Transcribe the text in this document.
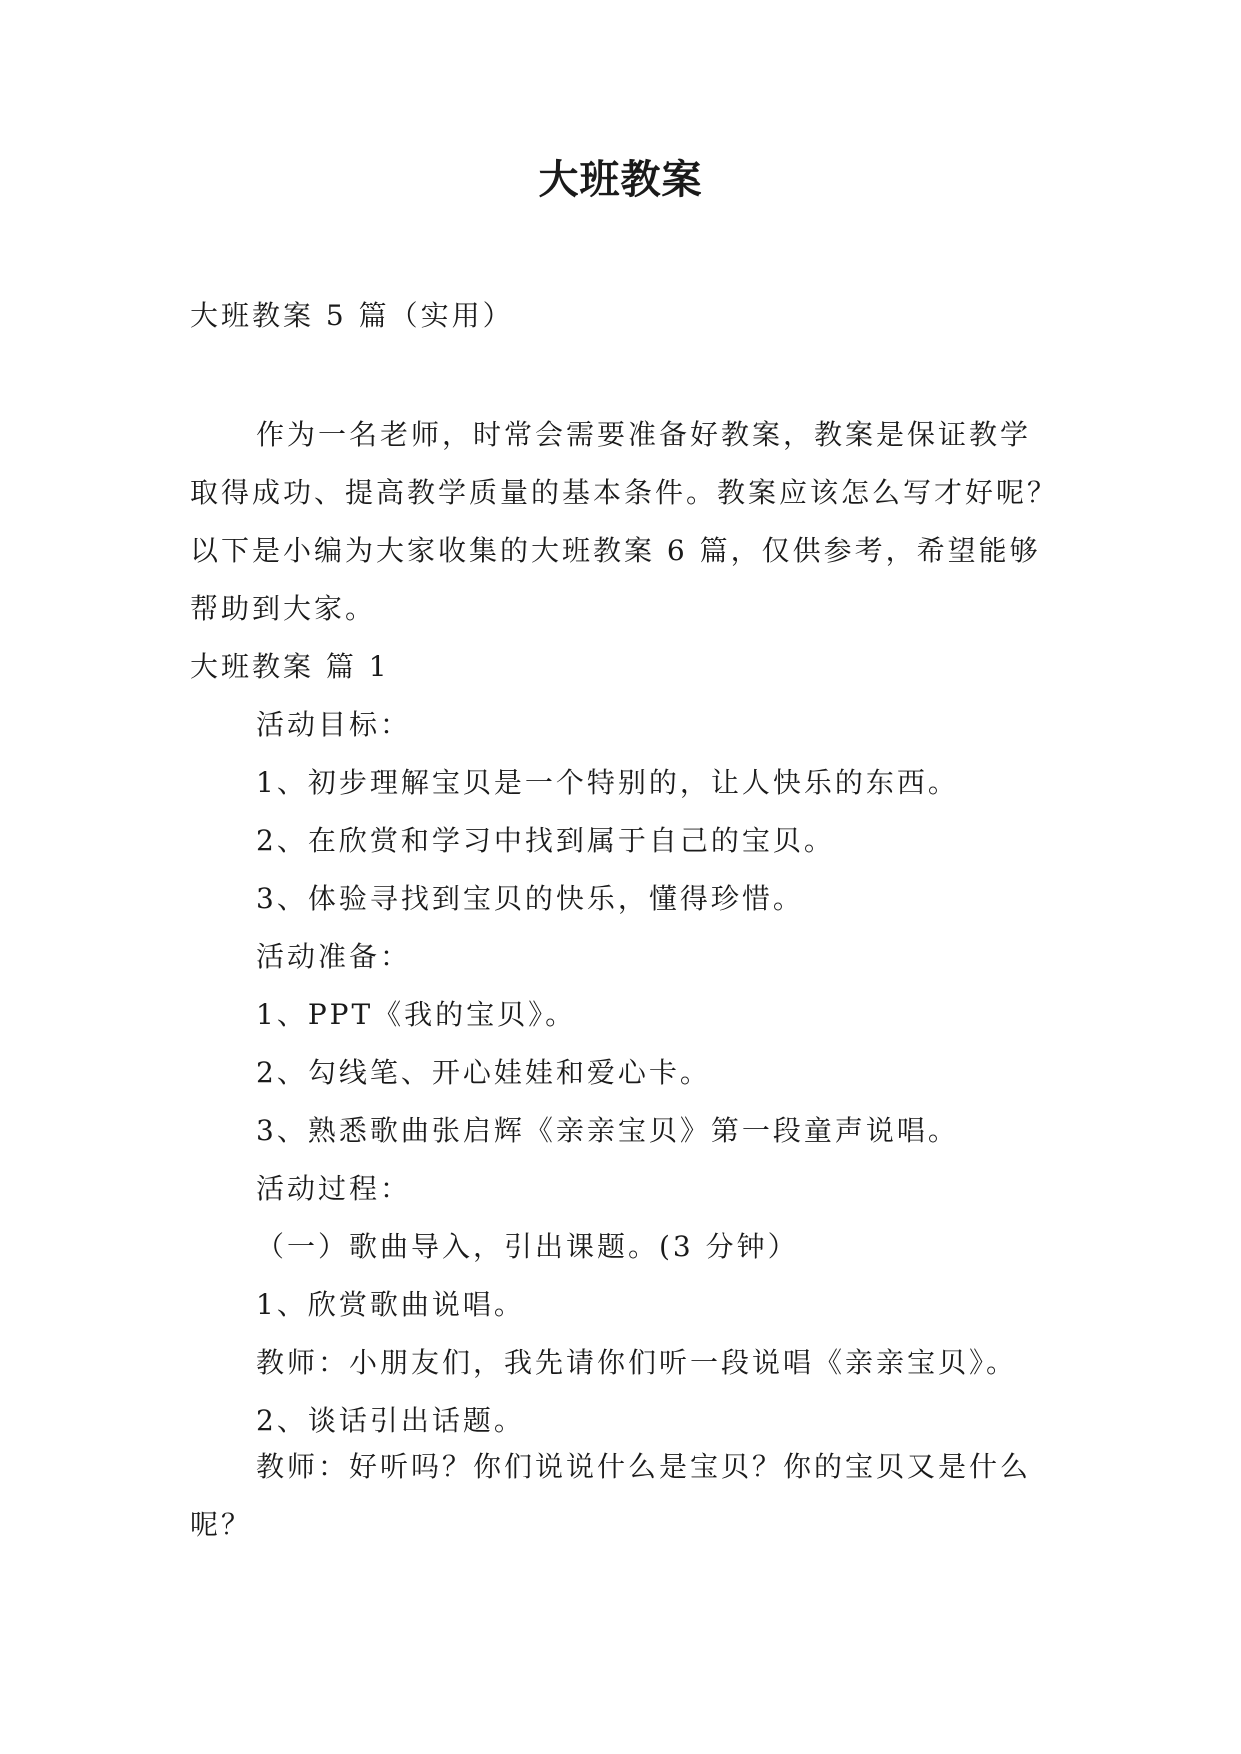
大班教案

大班教案 5 篇（实用）

作为一名老师，时常会需要准备好教案，教案是保证教学取得成功、提高教学质量的基本条件。教案应该怎么写才好呢？以下是小编为大家收集的大班教案 6 篇，仅供参考，希望能够帮助到大家。

大班教案 篇 1
活动目标：
1、初步理解宝贝是一个特别的，让人快乐的东西。
2、在欣赏和学习中找到属于自己的宝贝。
3、体验寻找到宝贝的快乐，懂得珍惜。
活动准备：
1、PPT《我的宝贝》。
2、勾线笔、开心娃娃和爱心卡。
3、熟悉歌曲张启辉《亲亲宝贝》第一段童声说唱。
活动过程：
（一）歌曲导入，引出课题。(3 分钟）
1、欣赏歌曲说唱。
教师：小朋友们，我先请你们听一段说唱《亲亲宝贝》。
2、谈话引出话题。

教师：好听吗？你们说说什么是宝贝？你的宝贝又是什么呢？
